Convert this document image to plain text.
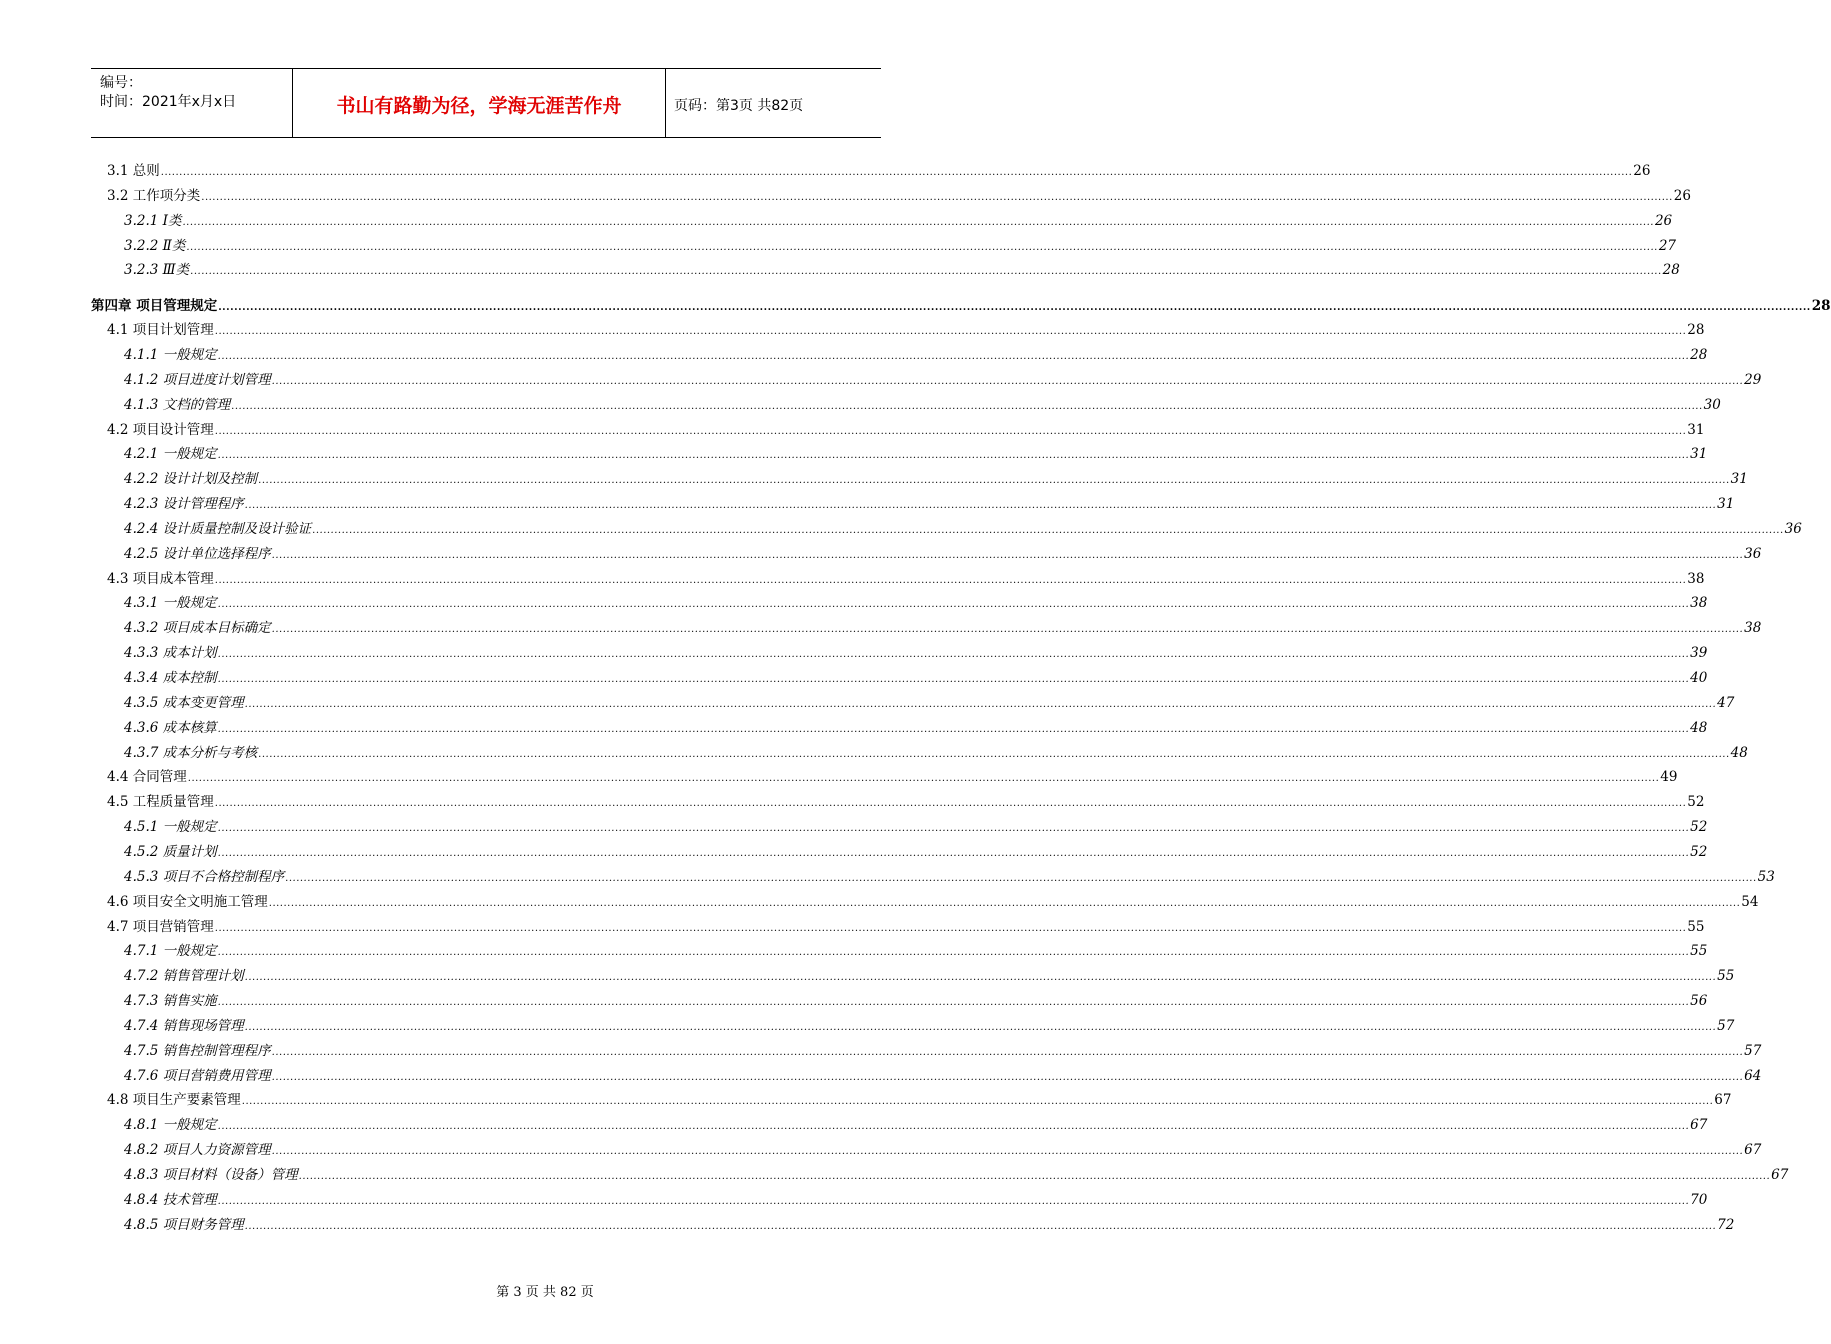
编号：
时间：2021年x月x日	书山有路勤为径，学海无涯苦作舟	页码：第3页 共82页
3.1 总则 ................................................................................................................................................................................................................................................................................................................................................................................................................ 26
3.2 工作项分类 ................................................................................................................................................................................................................................................................................................................................................................................................................ 26
3.2.1 Ⅰ类 ................................................................................................................................................................................................................................................................................................................................................................................................................ 26
3.2.2 Ⅱ类 ................................................................................................................................................................................................................................................................................................................................................................................................................ 27
3.2.3 Ⅲ类 ................................................................................................................................................................................................................................................................................................................................................................................................................ 28
第四章 项目管理规定 ................................................................................................................................................................................................................................................................................................................................................................................................................ 28
4.1 项目计划管理 ................................................................................................................................................................................................................................................................................................................................................................................................................ 28
4.1.1 一般规定 ................................................................................................................................................................................................................................................................................................................................................................................................................ 28
4.1.2 项目进度计划管理 ................................................................................................................................................................................................................................................................................................................................................................................................................ 29
4.1.3 文档的管理 ................................................................................................................................................................................................................................................................................................................................................................................................................ 30
4.2 项目设计管理 ................................................................................................................................................................................................................................................................................................................................................................................................................ 31
4.2.1 一般规定 ................................................................................................................................................................................................................................................................................................................................................................................................................ 31
4.2.2 设计计划及控制 ................................................................................................................................................................................................................................................................................................................................................................................................................ 31
4.2.3 设计管理程序 ................................................................................................................................................................................................................................................................................................................................................................................................................ 31
4.2.4 设计质量控制及设计验证 ................................................................................................................................................................................................................................................................................................................................................................................................................ 36
4.2.5 设计单位选择程序 ................................................................................................................................................................................................................................................................................................................................................................................................................ 36
4.3 项目成本管理 ................................................................................................................................................................................................................................................................................................................................................................................................................ 38
4.3.1 一般规定 ................................................................................................................................................................................................................................................................................................................................................................................................................ 38
4.3.2 项目成本目标确定 ................................................................................................................................................................................................................................................................................................................................................................................................................ 38
4.3.3 成本计划 ................................................................................................................................................................................................................................................................................................................................................................................................................ 39
4.3.4 成本控制 ................................................................................................................................................................................................................................................................................................................................................................................................................ 40
4.3.5 成本变更管理 ................................................................................................................................................................................................................................................................................................................................................................................................................ 47
4.3.6 成本核算 ................................................................................................................................................................................................................................................................................................................................................................................................................ 48
4.3.7 成本分析与考核 ................................................................................................................................................................................................................................................................................................................................................................................................................ 48
4.4 合同管理 ................................................................................................................................................................................................................................................................................................................................................................................................................ 49
4.5 工程质量管理 ................................................................................................................................................................................................................................................................................................................................................................................................................ 52
4.5.1 一般规定 ................................................................................................................................................................................................................................................................................................................................................................................................................ 52
4.5.2 质量计划 ................................................................................................................................................................................................................................................................................................................................................................................................................ 52
4.5.3 项目不合格控制程序 ................................................................................................................................................................................................................................................................................................................................................................................................................ 53
4.6 项目安全文明施工管理 ................................................................................................................................................................................................................................................................................................................................................................................................................ 54
4.7 项目营销管理 ................................................................................................................................................................................................................................................................................................................................................................................................................ 55
4.7.1 一般规定 ................................................................................................................................................................................................................................................................................................................................................................................................................ 55
4.7.2 销售管理计划 ................................................................................................................................................................................................................................................................................................................................................................................................................ 55
4.7.3 销售实施 ................................................................................................................................................................................................................................................................................................................................................................................................................ 56
4.7.4 销售现场管理 ................................................................................................................................................................................................................................................................................................................................................................................................................ 57
4.7.5 销售控制管理程序 ................................................................................................................................................................................................................................................................................................................................................................................................................ 57
4.7.6 项目营销费用管理 ................................................................................................................................................................................................................................................................................................................................................................................................................ 64
4.8 项目生产要素管理 ................................................................................................................................................................................................................................................................................................................................................................................................................ 67
4.8.1 一般规定 ................................................................................................................................................................................................................................................................................................................................................................................................................ 67
4.8.2 项目人力资源管理 ................................................................................................................................................................................................................................................................................................................................................................................................................ 67
4.8.3 项目材料（设备）管理 ................................................................................................................................................................................................................................................................................................................................................................................................................ 67
4.8.4 技术管理 ................................................................................................................................................................................................................................................................................................................................................................................................................ 70
4.8.5 项目财务管理 ................................................................................................................................................................................................................................................................................................................................................................................................................ 72
第 3 页 共 82 页
